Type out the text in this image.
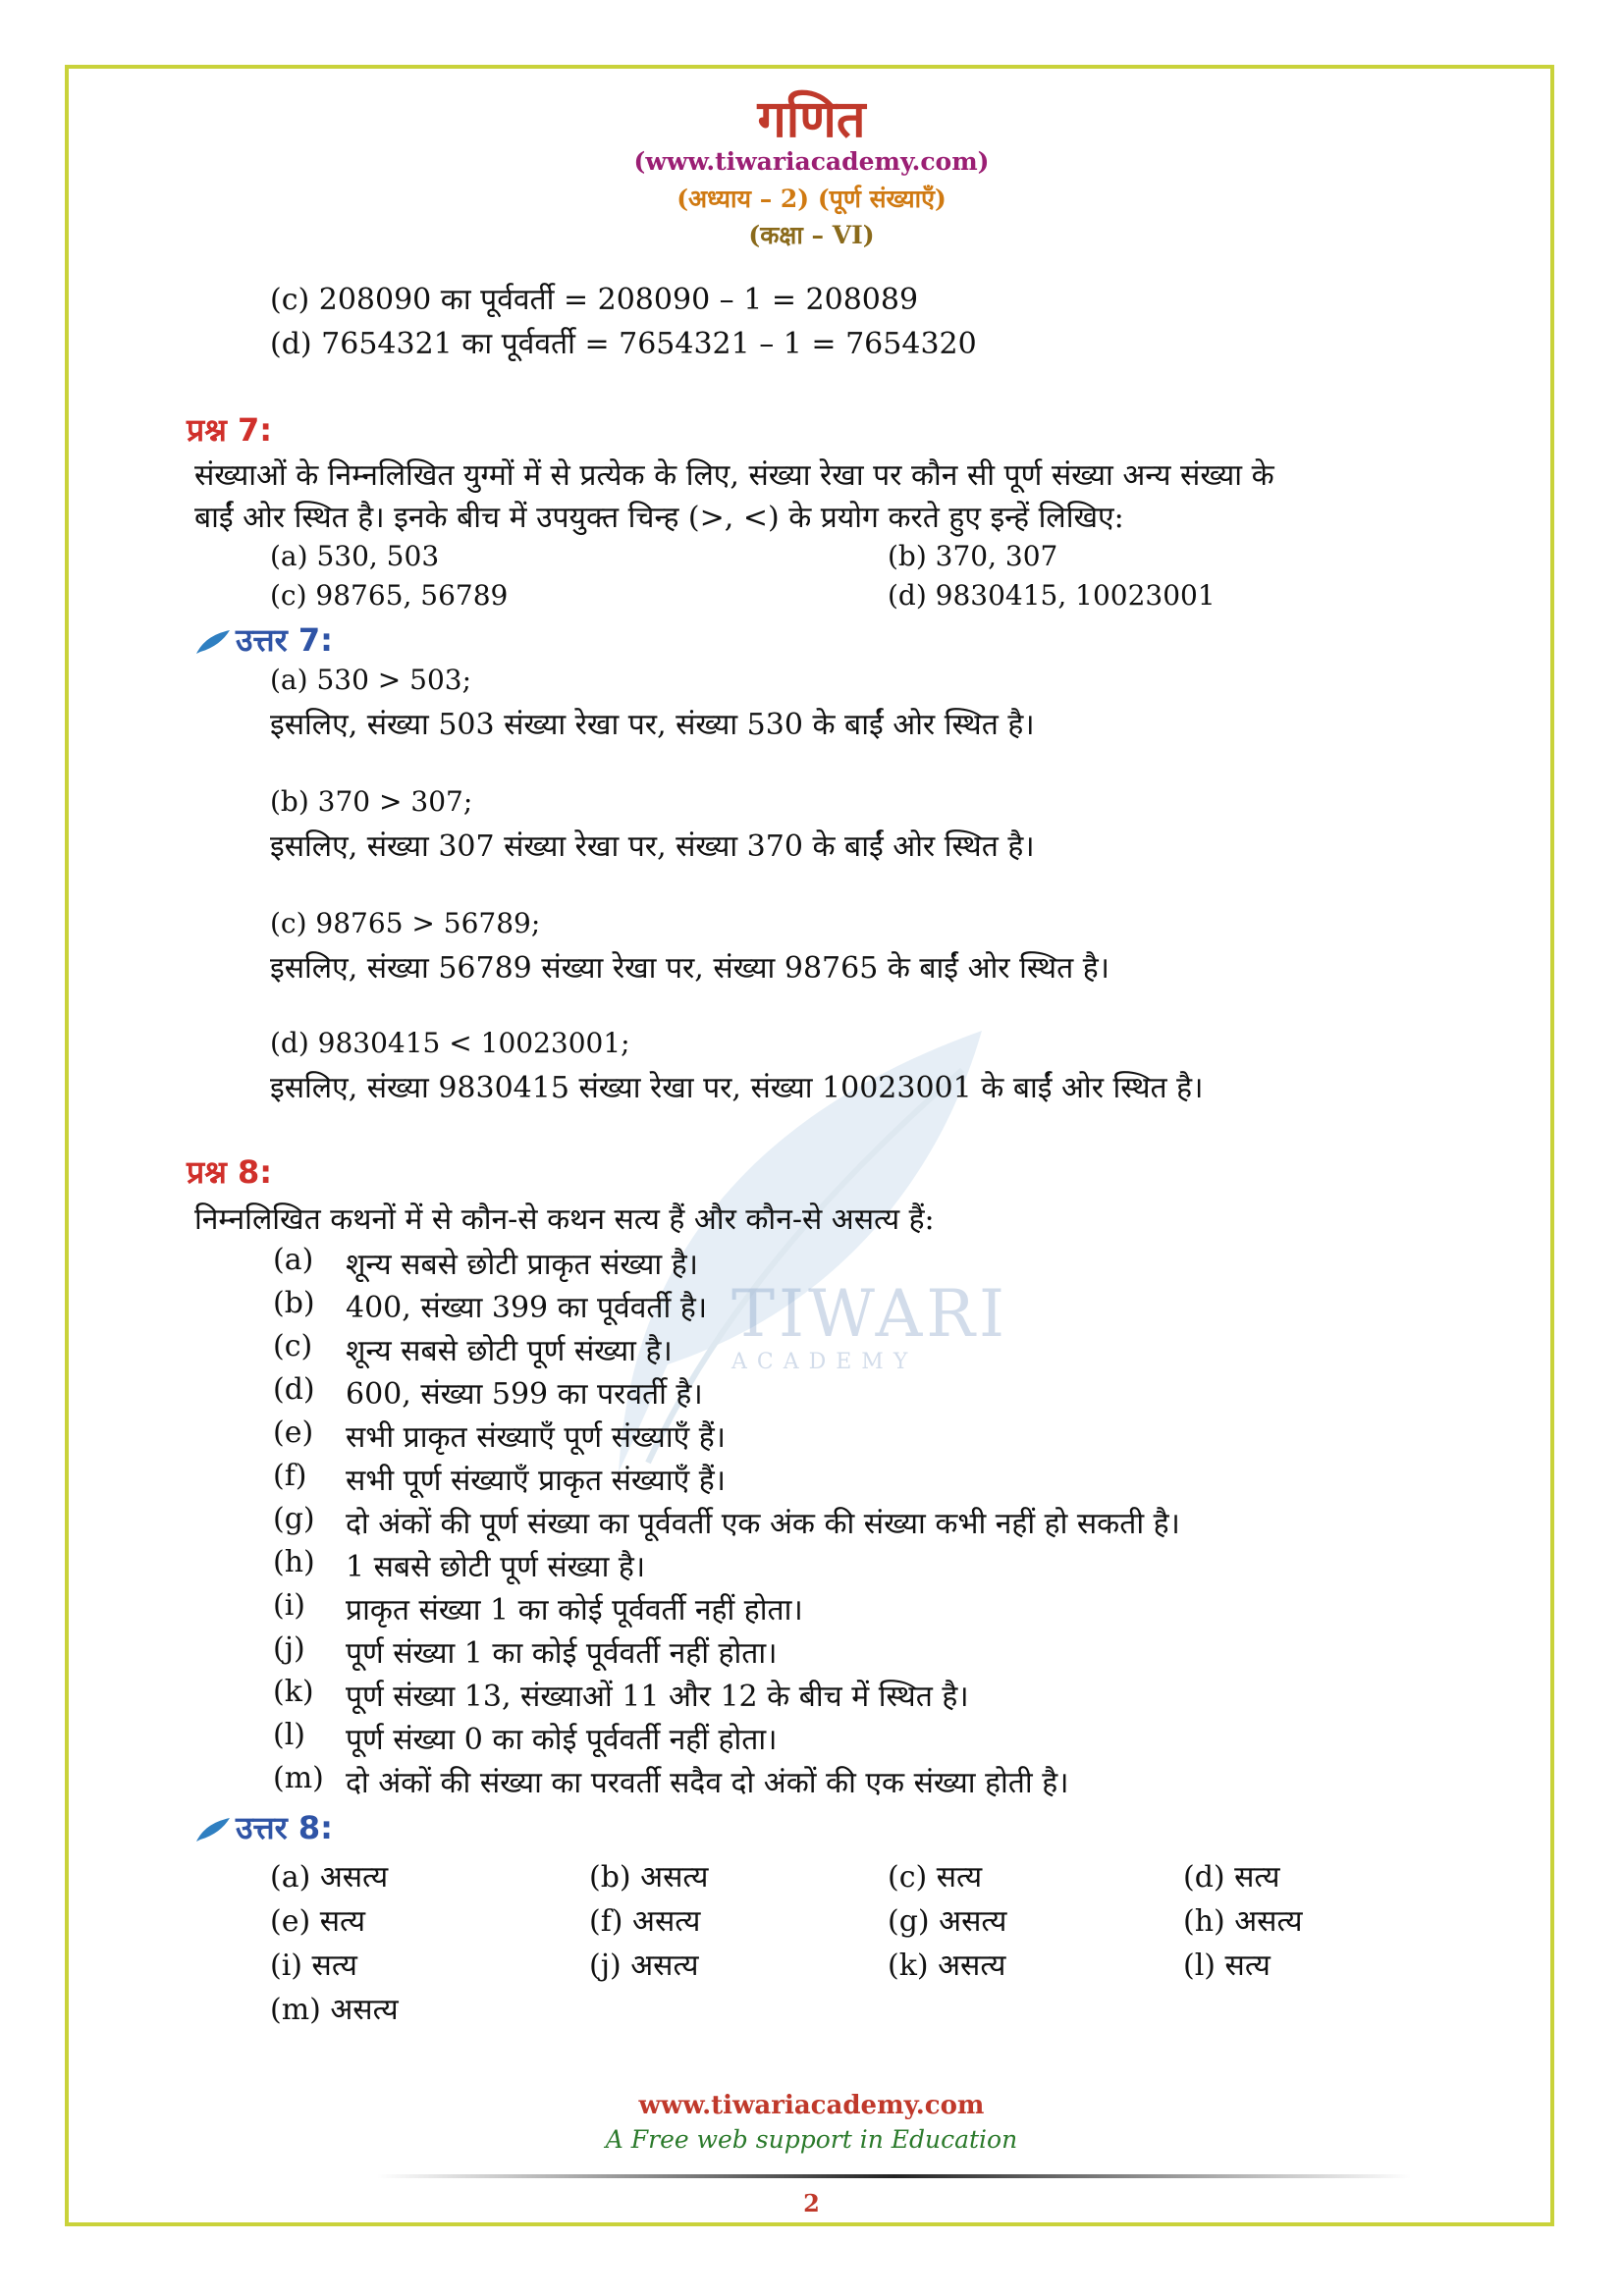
TIWARI
ACADEMY
गणित
(www.tiwariacademy.com)
(अध्याय – 2) (पूर्ण संख्याएँ)
(कक्षा – VI)
(c) 208090 का पूर्ववर्ती = 208090 – 1 = 208089
(d) 7654321 का पूर्ववर्ती = 7654321 – 1 = 7654320
प्रश्न 7:
संख्याओं के निम्नलिखित युग्मों में से प्रत्येक के लिए, संख्या रेखा पर कौन सी पूर्ण संख्या अन्य संख्या के
बाईं ओर स्थित है। इनके बीच में उपयुक्त चिन्ह (>, <) के प्रयोग करते हुए इन्हें लिखिए:
(a) 530, 503	(b) 370, 307
(c) 98765, 56789	(d) 9830415, 10023001
उत्तर 7:
(a) 530 > 503;
इसलिए, संख्या 503 संख्या रेखा पर, संख्या 530 के बाईं ओर स्थित है।
(b) 370 > 307;
इसलिए, संख्या 307 संख्या रेखा पर, संख्या 370 के बाईं ओर स्थित है।
(c) 98765 > 56789;
इसलिए, संख्या 56789 संख्या रेखा पर, संख्या 98765 के बाईं ओर स्थित है।
(d) 9830415 < 10023001;
इसलिए, संख्या 9830415 संख्या रेखा पर, संख्या 10023001 के बाईं ओर स्थित है।
प्रश्न 8:
निम्नलिखित कथनों में से कौन-से कथन सत्य हैं और कौन-से असत्य हैं:
(a) शून्य सबसे छोटी प्राकृत संख्या है।
(b) 400, संख्या 399 का पूर्ववर्ती है।
(c) शून्य सबसे छोटी पूर्ण संख्या है।
(d) 600, संख्या 599 का परवर्ती है।
(e) सभी प्राकृत संख्याएँ पूर्ण संख्याएँ हैं।
(f) सभी पूर्ण संख्याएँ प्राकृत संख्याएँ हैं।
(g) दो अंकों की पूर्ण संख्या का पूर्ववर्ती एक अंक की संख्या कभी नहीं हो सकती है।
(h) 1 सबसे छोटी पूर्ण संख्या है।
(i) प्राकृत संख्या 1 का कोई पूर्ववर्ती नहीं होता।
(j) पूर्ण संख्या 1 का कोई पूर्ववर्ती नहीं होता।
(k) पूर्ण संख्या 13, संख्याओं 11 और 12 के बीच में स्थित है।
(l) पूर्ण संख्या 0 का कोई पूर्ववर्ती नहीं होता।
(m) दो अंकों की संख्या का परवर्ती सदैव दो अंकों की एक संख्या होती है।
उत्तर 8:
(a) असत्य	(b) असत्य	(c) सत्य	(d) सत्य
(e) सत्य	(f) असत्य	(g) असत्य	(h) असत्य
(i) सत्य	(j) असत्य	(k) असत्य	(l) सत्य
(m) असत्य
www.tiwariacademy.com
A Free web support in Education
2
